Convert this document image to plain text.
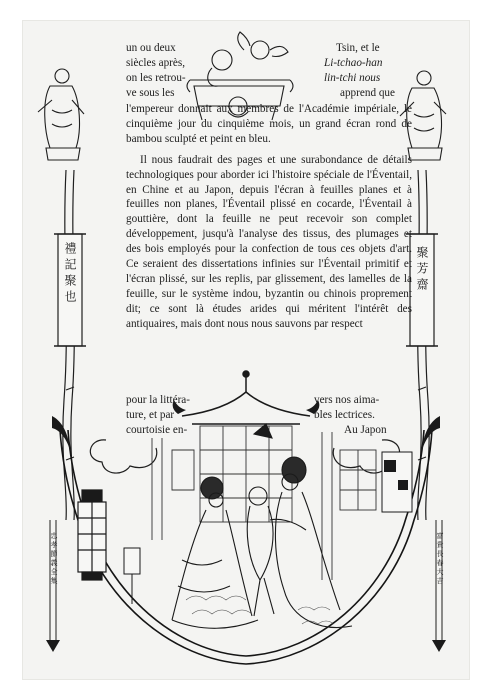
禮記聚也	聚芳齋
忠孝節義全集	富貴長春大吉
un ou deux
siècles après,
on les retrou-
ve sous les
Tsin, et le
Li-tchao-han
lin-tchi nous
apprend que

l'empereur donnait aux membres de l'Académie impériale, le cinquième jour du cinquième mois, un grand écran rond de bambou sculpté et peint en bleu.

Il nous faudrait des pages et une surabondance de détails technologiques pour aborder ici l'histoire spéciale de l'Éventail, en Chine et au Japon, depuis l'écran à feuilles planes et à feuilles non planes, l'Éventail plissé en cocarde, l'Éventail à gouttière, dont la feuille ne peut recevoir son complet développement, jusqu'à l'analyse des tissus, des plumages et des bois employés pour la confection de tous ces objets d'art. Ce seraient des dissertations infinies sur l'Éventail primitif et l'écran plissé, sur les replis, par glissement, des lamelles de la feuille, sur le système indou, byzantin ou chinois proprement dit; ce sont là études arides qui méritent l'intérêt des antiquaires, mais dont nous nous sauvons par respect

pour la littéra-
ture, et par
courtoisie en-
vers nos aima-
bles lectrices.
Au Japon
